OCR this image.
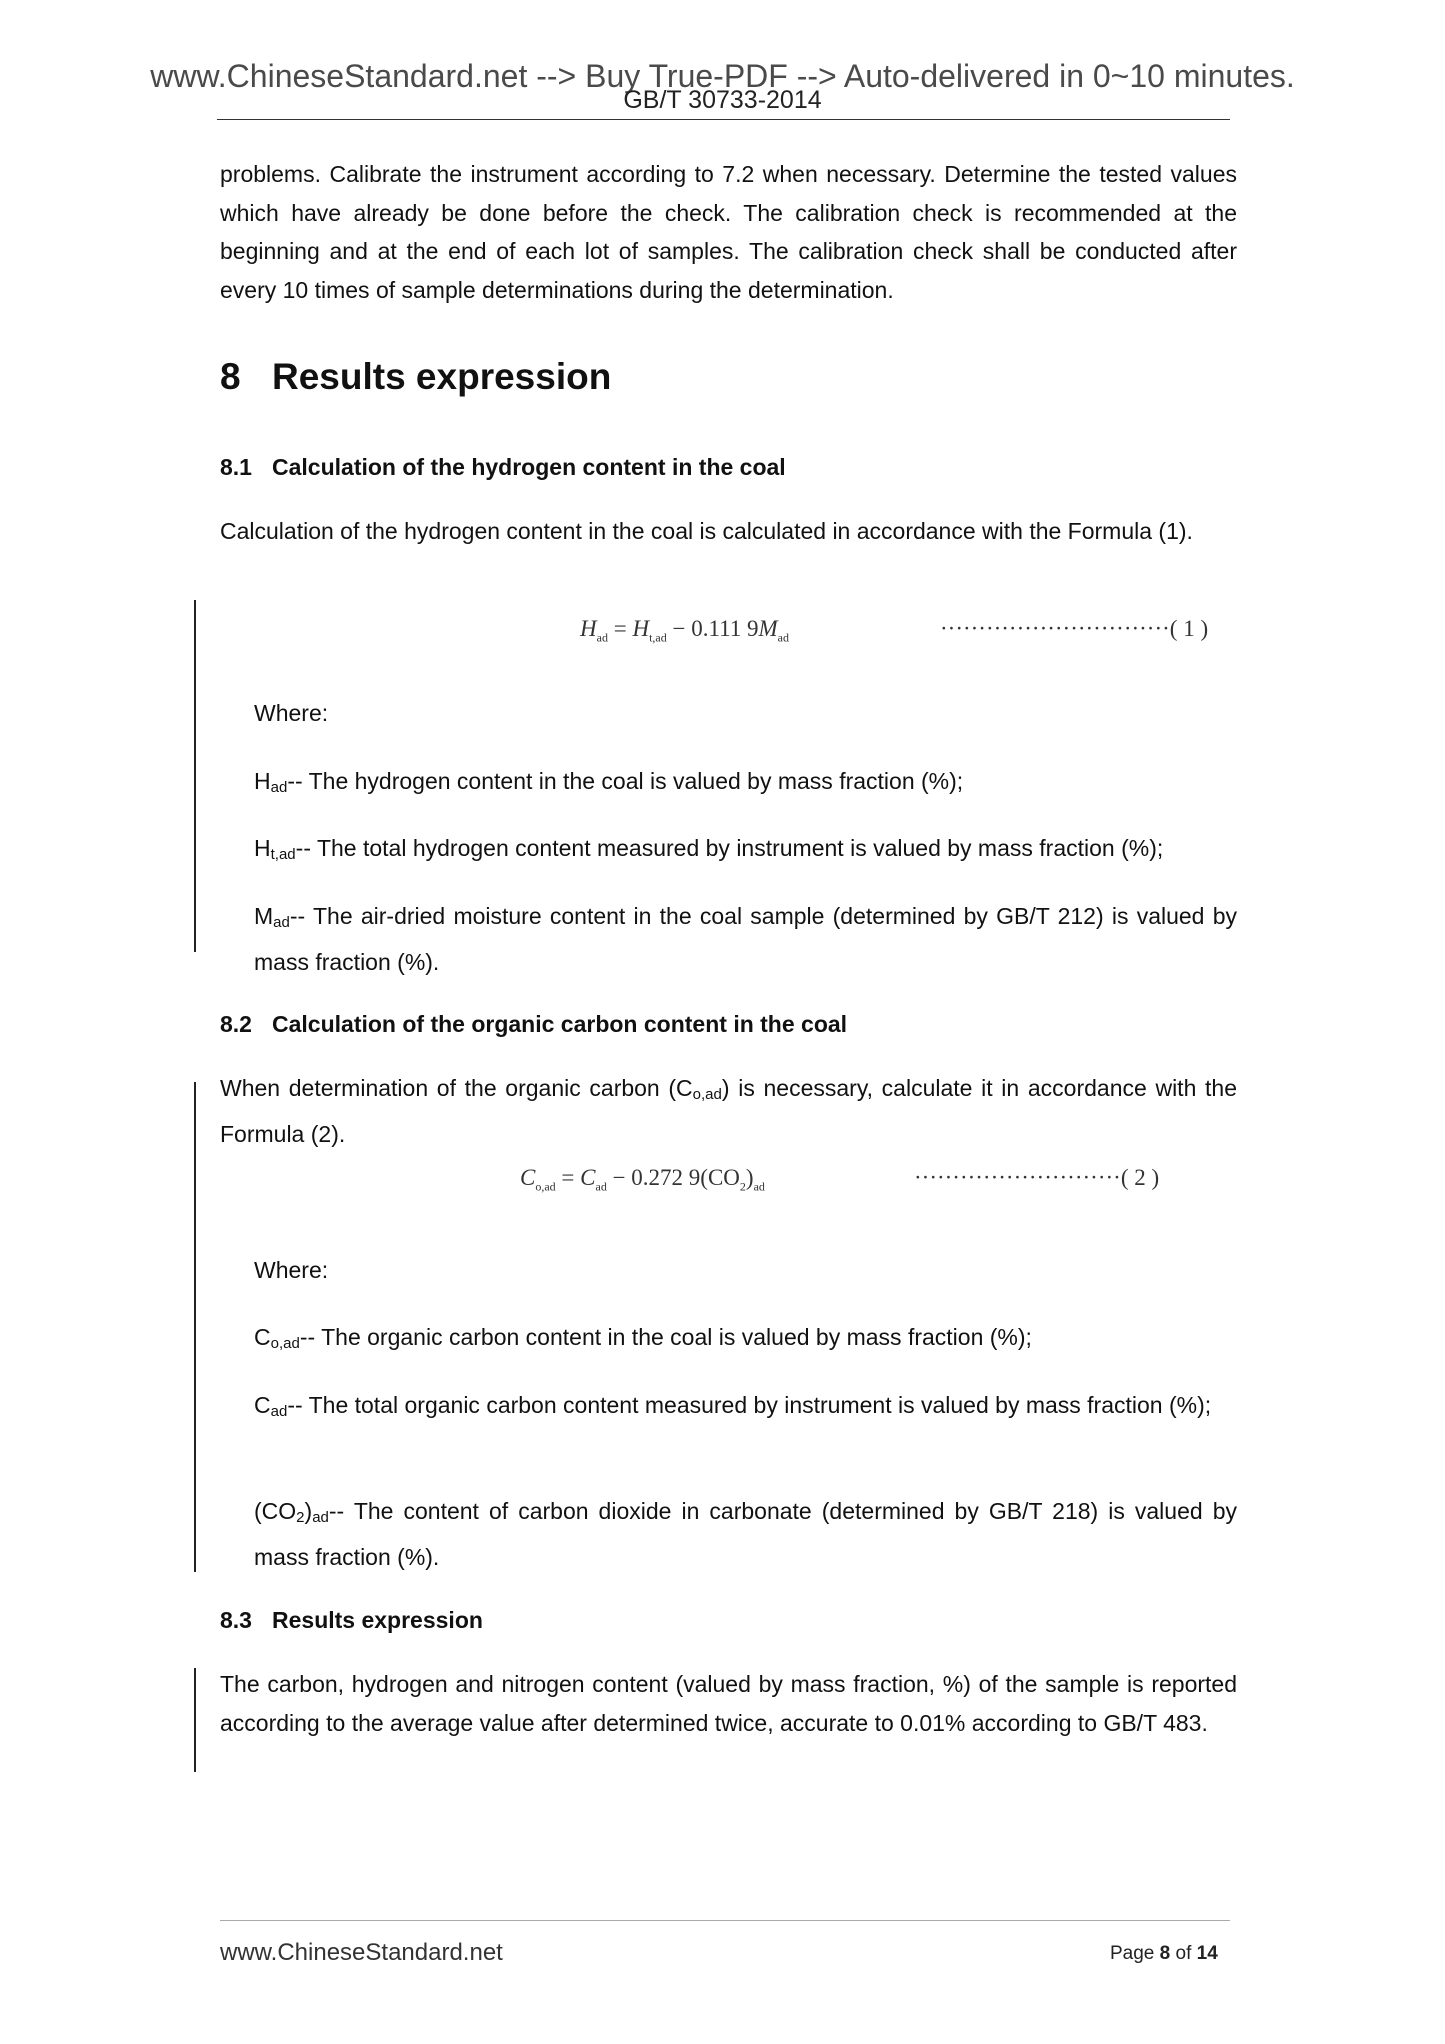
www.ChineseStandard.net --> Buy True-PDF --> Auto-delivered in 0~10 minutes.
GB/T 30733-2014

problems. Calibrate the instrument according to 7.2 when necessary. Determine the tested values which have already be done before the check. The calibration check is recommended at the beginning and at the end of each lot of samples. The calibration check shall be conducted after every 10 times of sample determinations during the determination.

8 Results expression
8.1 Calculation of the hydrogen content in the coal

Calculation of the hydrogen content in the coal is calculated in accordance with the Formula (1).

$H_{ad} = H_{t,ad} - 0.111$ $9M_{ad}$	······························( 1 )

Where:

$H_{ad}--$ The hydrogen content in the coal is valued by mass fraction (%);

$H_{t,ad}--$ The total hydrogen content measured by instrument is valued by mass fraction (%);

$M_{ad}--$ The air-dried moisture content in the coal sample (determined by GB/T 212) is valued by mass fraction (%).

8.2 Calculation of the organic carbon content in the coal

When determination of the organic carbon $(C_{o,ad})$ is necessary, calculate it in accordance with the Formula (2).

$C_{o,ad} = C_{ad} - 0.272$ $9(CO_2)_{ad}$	···························( 2 )

Where:

$C_{o,ad}--$ The organic carbon content in the coal is valued by mass fraction (%);

$C_{ad}--$ The total organic carbon content measured by instrument is valued by mass fraction (%);

$(CO_2)_{ad}--$ The content of carbon dioxide in carbonate (determined by GB/T 218) is valued by mass fraction (%).

8.3 Results expression

The carbon, hydrogen and nitrogen content (valued by mass fraction, %) of the sample is reported according to the average value after determined twice, accurate to 0.01% according to GB/T 483.

www.ChineseStandard.net	Page 8 of 14
